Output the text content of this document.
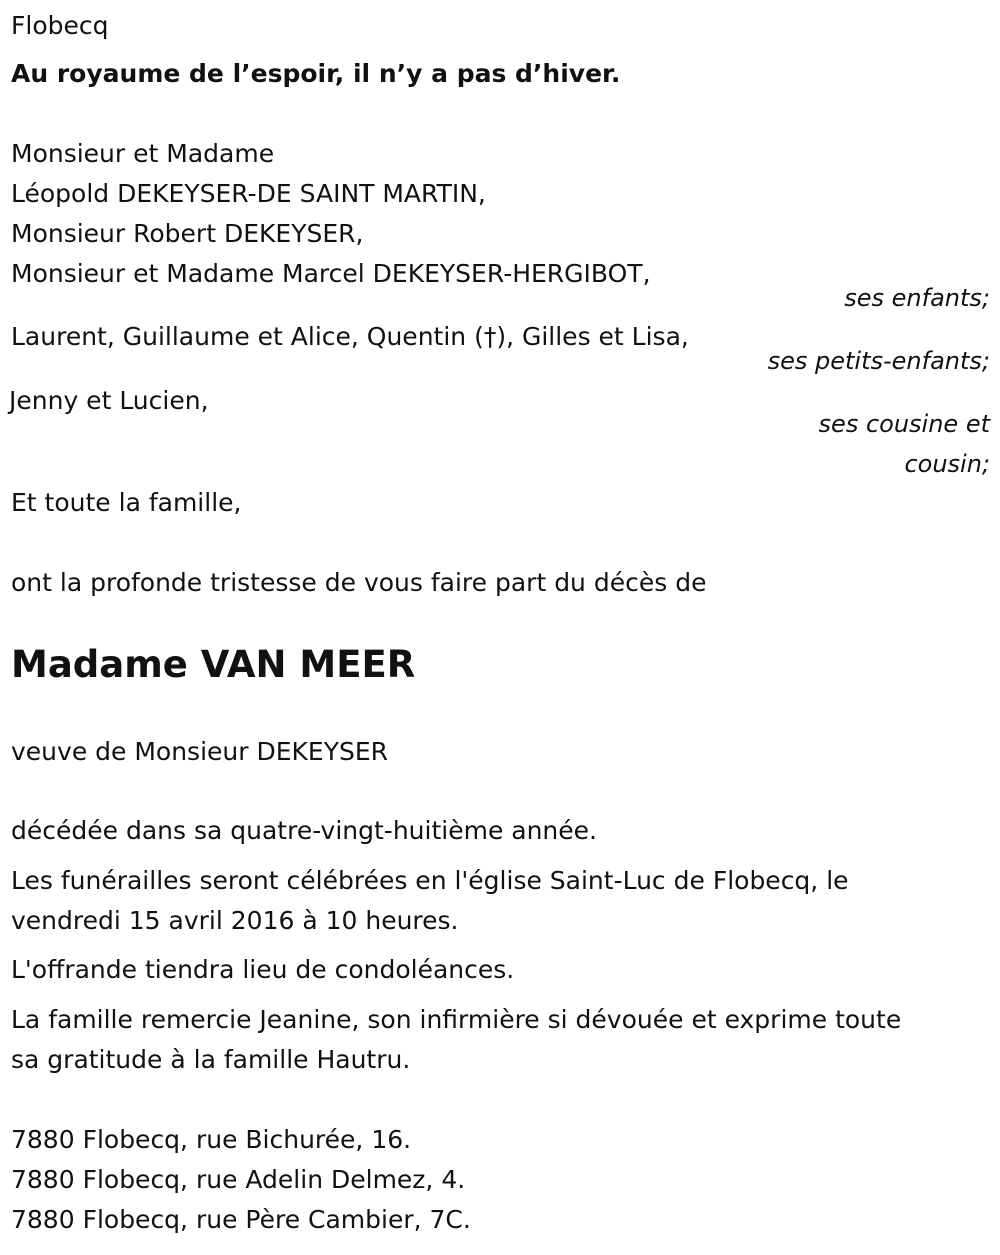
Flobecq
Au royaume de l’espoir, il n’y a pas d’hiver.
Monsieur et Madame
Léopold DEKEYSER-DE SAINT MARTIN,
Monsieur Robert DEKEYSER,
Monsieur et Madame Marcel DEKEYSER-HERGIBOT,
ses enfants;
Laurent, Guillaume et Alice, Quentin (†), Gilles et Lisa,
ses petits-enfants;
Jenny et Lucien,
ses cousine et
cousin;
Et toute la famille,
ont la profonde tristesse de vous faire part du décès de
Madame VAN MEER
veuve de Monsieur DEKEYSER
décédée dans sa quatre-vingt-huitième année.
Les funérailles seront célébrées en l'église Saint-Luc de Flobecq, le
vendredi 15 avril 2016 à 10 heures.
L'offrande tiendra lieu de condoléances.
La famille remercie Jeanine, son infirmière si dévouée et exprime toute
sa gratitude à la famille Hautru.
7880 Flobecq, rue Bichurée, 16.
7880 Flobecq, rue Adelin Delmez, 4.
7880 Flobecq, rue Père Cambier, 7C.
